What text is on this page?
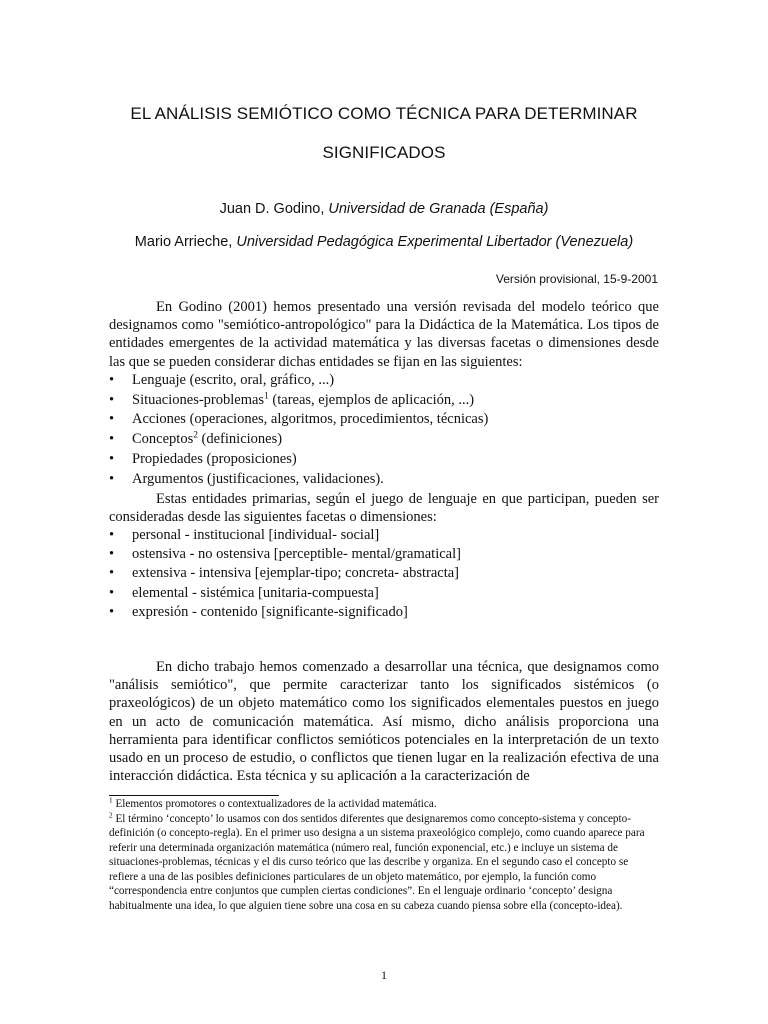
EL ANÁLISIS SEMIÓTICO COMO TÉCNICA PARA DETERMINAR
SIGNIFICADOS
Juan D. Godino, Universidad de Granada (España)
Mario Arrieche, Universidad Pedagógica Experimental Libertador (Venezuela)
Versión provisional, 15-9-2001

En Godino (2001) hemos presentado una versión revisada del modelo teórico que designamos como "semiótico-antropológico" para la Didáctica de la Matemática. Los tipos de entidades emergentes de la actividad matemática y las diversas facetas o dimensiones desde las que se pueden considerar dichas entidades se fijan en las siguientes:

• Lenguaje (escrito, oral, gráfico, ...)
• Situaciones-problemas$^1$ (tareas, ejemplos de aplicación, ...)
• Acciones (operaciones, algoritmos, procedimientos, técnicas)
• Conceptos$^2$ (definiciones)
• Propiedades (proposiciones)
• Argumentos (justificaciones, validaciones).

Estas entidades primarias, según el juego de lenguaje en que participan, pueden ser consideradas desde las siguientes facetas o dimensiones:

• personal - institucional [individual- social]
• ostensiva - no ostensiva [perceptible- mental/gramatical]
• extensiva - intensiva [ejemplar-tipo; concreta- abstracta]
• elemental - sistémica [unitaria-compuesta]
• expresión - contenido [significante-significado]

En dicho trabajo hemos comenzado a desarrollar una técnica, que designamos como "análisis semiótico", que permite caracterizar tanto los significados sistémicos (o praxeológicos) de un objeto matemático como los significados elementales puestos en juego en un acto de comunicación matemática. Así mismo, dicho análisis proporciona una herramienta para identificar conflictos semióticos potenciales en la interpretación de un texto usado en un proceso de estudio, o conflictos que tienen lugar en la realización efectiva de una interacción didáctica. Esta técnica y su aplicación a la caracterización de

$^1$ Elementos promotores o contextualizadores de la actividad matemática.

$^2$ El término ‘concepto’ lo usamos con dos sentidos diferentes que designaremos como concepto-sistema y concepto-definición (o concepto-regla). En el primer uso designa a un sistema praxeológico complejo, como cuando aparece para referir una determinada organización matemática (número real, función exponencial, etc.) e incluye un sistema de situaciones-problemas, técnicas y el dis curso teórico que las describe y organiza. En el segundo caso el concepto se refiere a una de las posibles definiciones particulares de un objeto matemático, por ejemplo, la función como “correspondencia entre conjuntos que cumplen ciertas condiciones”. En el lenguaje ordinario ‘concepto’ designa habitualmente una idea, lo que alguien tiene sobre una cosa en su cabeza cuando piensa sobre ella (concepto-idea).

1
